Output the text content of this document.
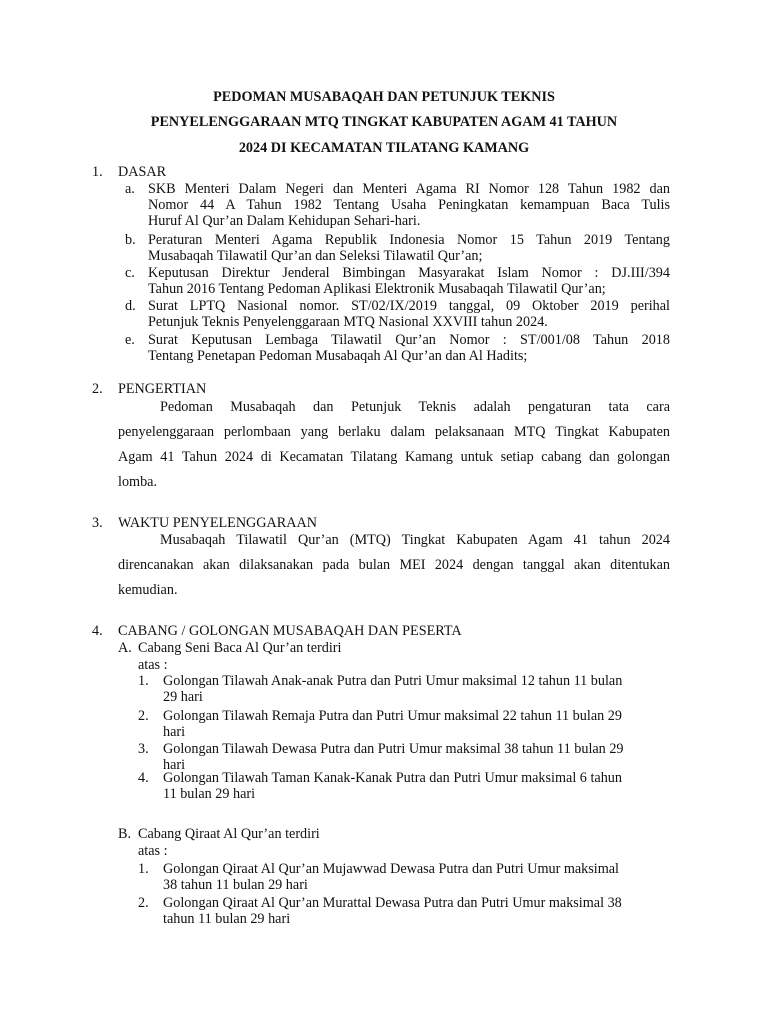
PEDOMAN MUSABAQAH DAN PETUNJUK TEKNIS
PENYELENGGARAAN MTQ TINGKAT KABUPATEN AGAM 41 TAHUN
2024 DI KECAMATAN TILATANG KAMANG
1. DASAR
a. SKB Menteri Dalam Negeri dan Menteri Agama RI Nomor 128 Tahun 1982 dan
Nomor 44 A Tahun 1982 Tentang Usaha Peningkatan kemampuan Baca Tulis
Huruf Al Qur’an Dalam Kehidupan Sehari-hari.
b. Peraturan Menteri Agama Republik Indonesia Nomor 15 Tahun 2019 Tentang
Musabaqah Tilawatil Qur’an dan Seleksi Tilawatil Qur’an;
c. Keputusan Direktur Jenderal Bimbingan Masyarakat Islam Nomor : DJ.III/394
Tahun 2016 Tentang Pedoman Aplikasi Elektronik Musabaqah Tilawatil Qur’an;
d. Surat LPTQ Nasional nomor. ST/02/IX/2019 tanggal, 09 Oktober 2019 perihal
Petunjuk Teknis Penyelenggaraan MTQ Nasional XXVIII tahun 2024.
e. Surat Keputusan Lembaga Tilawatil Qur’an Nomor : ST/001/08 Tahun 2018
Tentang Penetapan Pedoman Musabaqah Al Qur’an dan Al Hadits;
2. PENGERTIAN
Pedoman Musabaqah dan Petunjuk Teknis adalah pengaturan tata cara
penyelenggaraan perlombaan yang berlaku dalam pelaksanaan MTQ Tingkat Kabupaten
Agam 41 Tahun 2024 di Kecamatan Tilatang Kamang untuk setiap cabang dan golongan
lomba.
3. WAKTU PENYELENGGARAAN
Musabaqah Tilawatil Qur’an (MTQ) Tingkat Kabupaten Agam 41 tahun 2024
direncanakan akan dilaksanakan pada bulan MEI 2024 dengan tanggal akan ditentukan
kemudian.
4. CABANG / GOLONGAN MUSABAQAH DAN PESERTA
A. Cabang Seni Baca Al Qur’an terdiri
atas :
1. Golongan Tilawah Anak-anak Putra dan Putri Umur maksimal 12 tahun 11 bulan
29 hari
2. Golongan Tilawah Remaja Putra dan Putri Umur maksimal 22 tahun 11 bulan 29
hari
3. Golongan Tilawah Dewasa Putra dan Putri Umur maksimal 38 tahun 11 bulan 29
hari
4. Golongan Tilawah Taman Kanak-Kanak Putra dan Putri Umur maksimal 6 tahun
11 bulan 29 hari
B. Cabang Qiraat Al Qur’an terdiri
atas :
1. Golongan Qiraat Al Qur’an Mujawwad Dewasa Putra dan Putri Umur maksimal
38 tahun 11 bulan 29 hari
2. Golongan Qiraat Al Qur’an Murattal Dewasa Putra dan Putri Umur maksimal 38
tahun 11 bulan 29 hari
